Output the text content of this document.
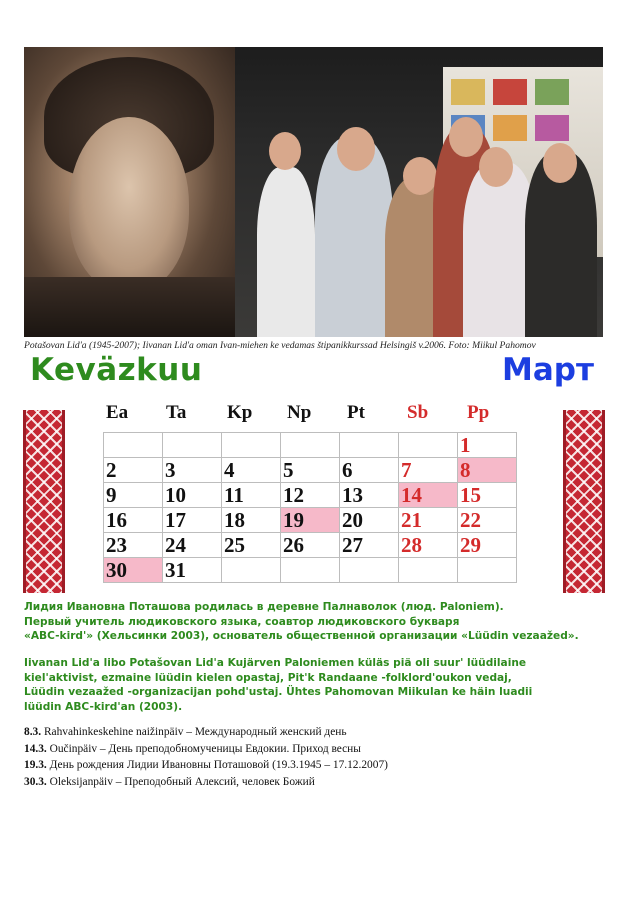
Potašovan Lid'a (1945-2007); Iivanan Lid'a oman Ivan-miehen ke vedamas štipanikkurssad Helsingiš v.2006. Foto: Miikul Pahomov
Keväzkuu	Март
Ea	Ta	Kp	Np	Pt	Sb	Pp
						1
2	3	4	5	6	7	8
9	10	11	12	13	14	15
16	17	18	19	20	21	22
23	24	25	26	27	28	29
30	31					
Лидия Ивановна Поташова родилась в деревне Палнаволок (люд. Paloniem).
Первый учитель людиковского языка, соавтор людиковского букваря
«ABC-kird'» (Хельсинки 2003), основатель общественной организации «Lüüdin vezaažed».
Iivanan Lid'a libo Potašovan Lid'a Kujärven Paloniemen küläs piä oli suur' lüüdilaine
kiel'aktivist, ezmaine lüüdin kielen opastaj, Pit'k Randaane -folklord'oukon vedaj,
Lüüdin vezaažed -organizacijan pohd'ustaj. Ühtes Pahomovan Miikulan ke häin luadii
lüüdin ABC-kird'an (2003).
8.3. Rahvahinkeskehine naižinpäiv – Международный женский день
14.3. Oučinpäiv – День преподобномученицы Евдокии. Приход весны
19.3. День рождения Лидии Ивановны Поташовой (19.3.1945 – 17.12.2007)
30.3. Oleksijanpäiv – Преподобный Алексий, человек Божий
